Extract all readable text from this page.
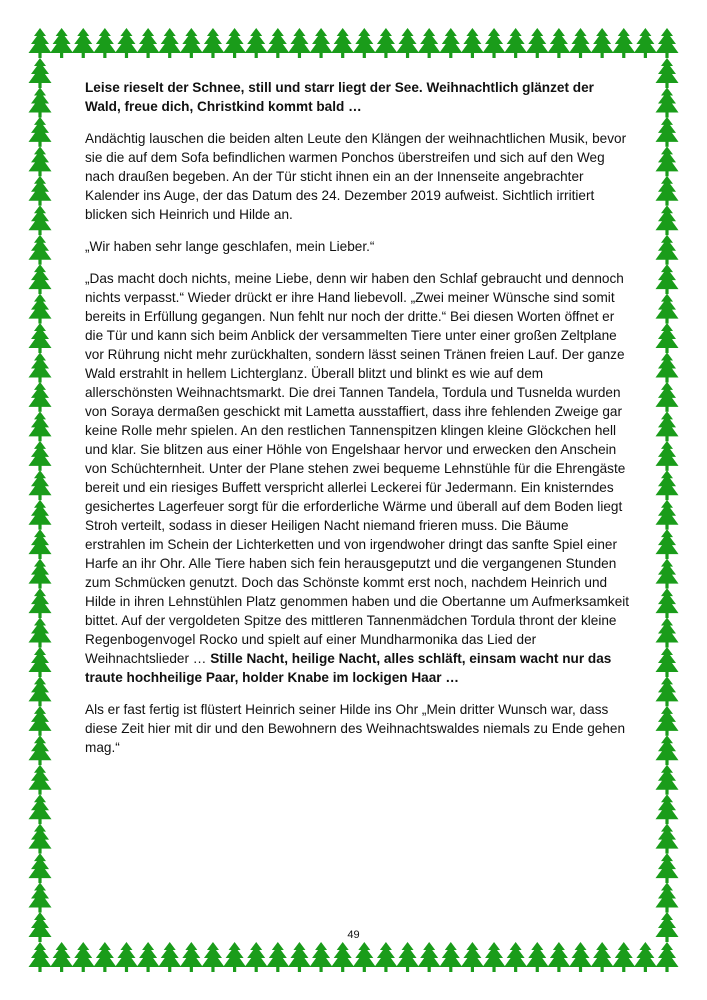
Leise rieselt der Schnee, still und starr liegt der See. Weihnachtlich glänzet der Wald, freue dich, Christkind kommt bald …

Andächtig lauschen die beiden alten Leute den Klängen der weihnachtlichen Musik, bevor sie die auf dem Sofa befindlichen warmen Ponchos überstreifen und sich auf den Weg nach draußen begeben. An der Tür sticht ihnen ein an der Innenseite angebrachter Kalender ins Auge, der das Datum des 24. Dezember 2019 aufweist. Sichtlich irritiert blicken sich Heinrich und Hilde an.

„Wir haben sehr lange geschlafen, mein Lieber.“

„Das macht doch nichts, meine Liebe, denn wir haben den Schlaf gebraucht und dennoch nichts verpasst.“ Wieder drückt er ihre Hand liebevoll. „Zwei meiner Wünsche sind somit bereits in Erfüllung gegangen. Nun fehlt nur noch der dritte.“ Bei diesen Worten öffnet er die Tür und kann sich beim Anblick der versammelten Tiere unter einer großen Zeltplane vor Rührung nicht mehr zurückhalten, sondern lässt seinen Tränen freien Lauf. Der ganze Wald erstrahlt in hellem Lichterglanz. Überall blitzt und blinkt es wie auf dem allerschönsten Weihnachtsmarkt. Die drei Tannen Tandela, Tordula und Tusnelda wurden von Soraya dermaßen geschickt mit Lametta ausstaffiert, dass ihre fehlenden Zweige gar keine Rolle mehr spielen. An den restlichen Tannenspitzen klingen kleine Glöckchen hell und klar. Sie blitzen aus einer Höhle von Engelshaar hervor und erwecken den Anschein von Schüchternheit. Unter der Plane stehen zwei bequeme Lehnstühle für die Ehrengäste bereit und ein riesiges Buffett verspricht allerlei Leckerei für Jedermann. Ein knisterndes gesichertes Lagerfeuer sorgt für die erforderliche Wärme und überall auf dem Boden liegt Stroh verteilt, sodass in dieser Heiligen Nacht niemand frieren muss. Die Bäume erstrahlen im Schein der Lichterketten und von irgendwoher dringt das sanfte Spiel einer Harfe an ihr Ohr. Alle Tiere haben sich fein herausgeputzt und die vergangenen Stunden zum Schmücken genutzt. Doch das Schönste kommt erst noch, nachdem Heinrich und Hilde in ihren Lehnstühlen Platz genommen haben und die Obertanne um Aufmerksamkeit bittet. Auf der vergoldeten Spitze des mittleren Tannenmädchen Tordula thront der kleine Regenbogenvogel Rocko und spielt auf einer Mundharmonika das Lied der Weihnachtslieder … Stille Nacht, heilige Nacht, alles schläft, einsam wacht nur das traute hochheilige Paar, holder Knabe im lockigen Haar …

Als er fast fertig ist flüstert Heinrich seiner Hilde ins Ohr „Mein dritter Wunsch war, dass diese Zeit hier mit dir und den Bewohnern des Weihnachtswaldes niemals zu Ende gehen mag.“

49
